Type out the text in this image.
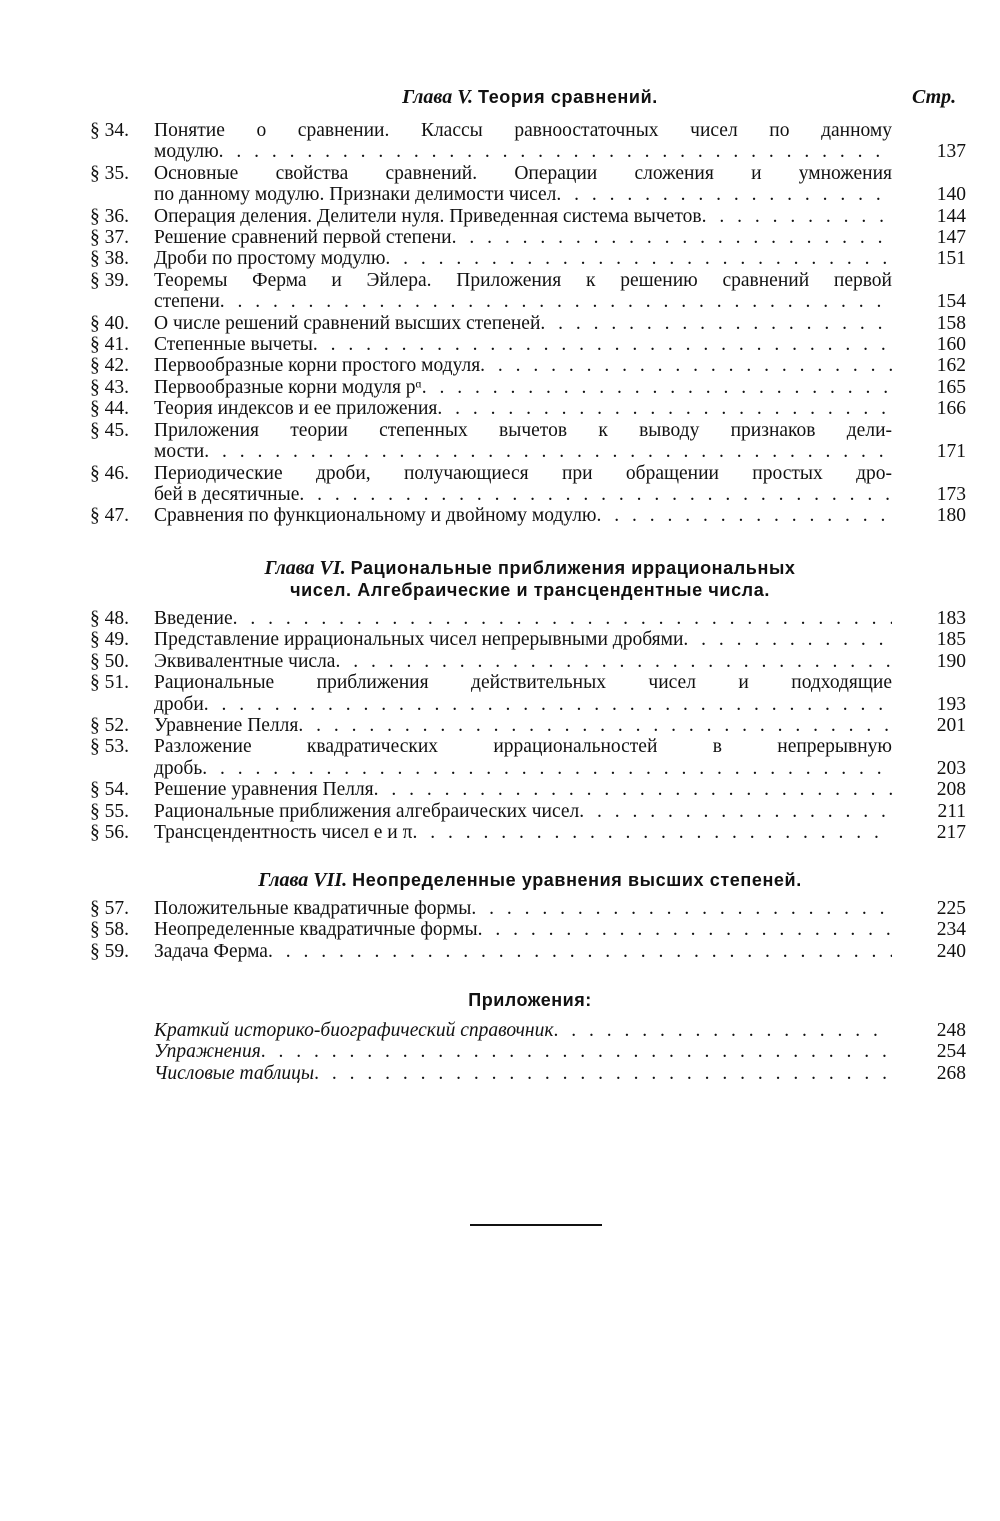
Стр.
Глава V. Теория сравнений.
§ 34. Понятие о сравнении. Классы равноостаточных чисел по данному
модулю . . .	137
§ 35. Основные свойства сравнений. Операции сложения и умножения
по данному модулю. Признаки делимости чисел . . .	140
§ 36. Операция деления. Делители нуля. Приведенная система вычетов . . .	144
§ 37. Решение сравнений первой степени . . .	147
§ 38. Дроби по простому модулю . . .	151
§ 39. Теоремы Ферма и Эйлера. Приложения к решению сравнений первой
степени . . .	154
§ 40. О числе решений сравнений высших степеней . . .	158
§ 41. Степенные вычеты . . .	160
§ 42. Первообразные корни простого модуля . . .	162
§ 43. Первообразные корни модуля pᵅ . . .	165
§ 44. Теория индексов и ее приложения . . .	166
§ 45. Приложения теории степенных вычетов к выводу признаков дели-
мости . . .	171
§ 46. Периодические дроби, получающиеся при обращении простых дро-
бей в десятичные . . .	173
§ 47. Сравнения по функциональному и двойному модулю . . .	180
Глава VI. Рациональные приближения иррациональных
чисел. Алгебраические и трансцендентные числа.
§ 48. Введение . . .	183
§ 49. Представление иррациональных чисел непрерывными дробями . . .	185
§ 50. Эквивалентные числа . . .	190
§ 51. Рациональные приближения действительных чисел и подходящие
дроби . . .	193
§ 52. Уравнение Пелля . . .	201
§ 53. Разложение квадратических иррациональностей в непрерывную
дробь . . .	203
§ 54. Решение уравнения Пелля . . .	208
§ 55. Рациональные приближения алгебраических чисел . . .	211
§ 56. Трансцендентность чисел e и π . . .	217
Глава VII. Неопределенные уравнения высших степеней.
§ 57. Положительные квадратичные формы . . .	225
§ 58. Неопределенные квадратичные формы . . .	234
§ 59. Задача Ферма . . .	240
Приложения:
Краткий историко-биографический справочник . . .	248
Упражнения . . .	254
Числовые таблицы . . .	268
